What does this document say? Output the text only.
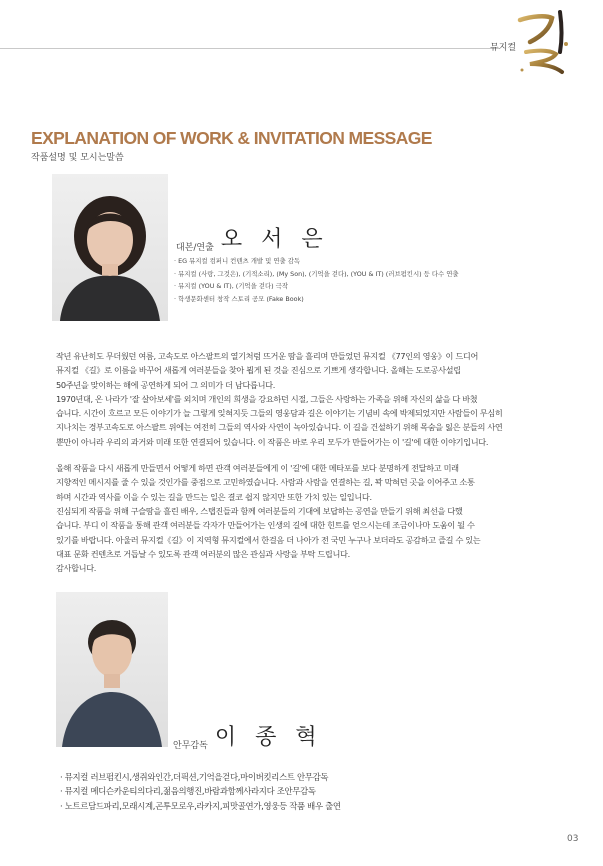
뮤지컬
EXPLANATION OF WORK & INVITATION MESSAGE
작품설명 및 모시는말씀
대본/연출 오 서 은
· EG 뮤지컬 컴퍼니 컨텐츠 개발 및 연출 감독
· 뮤지컬 (사랑, 그것은), (기적소리), (My Son), (기억을 걷다), (YOU & IT) (러브펌킨시) 등 다수 연출
· 뮤지컬 (YOU & IT), (기억을 걷다) 극작
· 학생문화센터 창작 스토리 공모 (Fake Book)

작년 유난히도 무더웠던 여름, 고속도로 아스팔트의 열기처럼 뜨거운 땀을 흘리며 만들었던 뮤지컬 《77인의 영웅》이 드디어

뮤지컬 《길》로 이름을 바꾸어 새롭게 여러분들을 찾아 뵙게 된 것을 진심으로 기쁘게 생각합니다. 올해는 도로공사설립

50주년을 맞이하는 해에 공연하게 되어 그 의미가 더 남다릅니다.

1970년대, 온 나라가 '잘 살아보세'를 외치며 개인의 희생을 강요하던 시절, 그들은 사랑하는 가족을 위해 자신의 삶을 다 바쳤

습니다. 시간이 흐르고 모든 이야기가 늘 그렇게 잊혀지듯 그들의 영웅담과 길은 이야기는 기념비 속에 박제되었지만 사람들이 무심히

지나치는 경부고속도로 아스팔트 위에는 여전히 그들의 역사와 사연이 녹아있습니다. 이 길을 건설하기 위해 목숨을 잃은 분들의 사연

뿐만이 아니라 우리의 과거와 미래 또한 연결되어 있습니다. 이 작품은 바로 우리 모두가 만들어가는 이 '길'에 대한 이야기입니다.

올해 작품을 다시 새롭게 만들면서 어떻게 하면 관객 여러분들에게 이 '길'에 대한 메타포를 보다 분명하게 전달하고 미래

지향적인 메시지를 줄 수 있을 것인가를 중점으로 고민하였습니다. 사람과 사람을 연결하는 길, 꽉 막혀던 곳을 이어주고 소통

하며 시간과 역사를 이을 수 있는 길을 만드는 일은 결코 쉽지 않지만 또한 가치 있는 일입니다.

진심되게 작품을 위해 구슬땀을 흘린 배우, 스탭진들과 함께 여러분들의 기대에 보답하는 공연을 만들기 위해 최선을 다했

습니다. 부디 이 작품을 통해 관객 여러분들 각자가 만들어가는 인생의 길에 대한 힌트를 얻으시는데 조금이나마 도움이 될 수

있기를 바랍니다. 아울러 뮤지컬《길》이 지역형 뮤지컬에서 한걸음 더 나아가 전 국민 누구나 보더라도 공감하고 즐길 수 있는

대표 문화 컨텐츠로 거듭날 수 있도록 관객 여러분의 많은 관심과 사랑을 부탁 드립니다.

감사합니다.

안무감독 이 종 혁
· 뮤지컬 러브펌킨시,생쥐와인간,더픽션,기억을걷다,마이버킷리스트 안무감독
· 뮤지컬 메디슨카운티의다리,젊음의행진,바람과함께사라지다 조안무감독
· 노트르담드파리,모래시계,곤투모로우,라카지,피맛골연가,영웅등 작품 배우 출연
03
